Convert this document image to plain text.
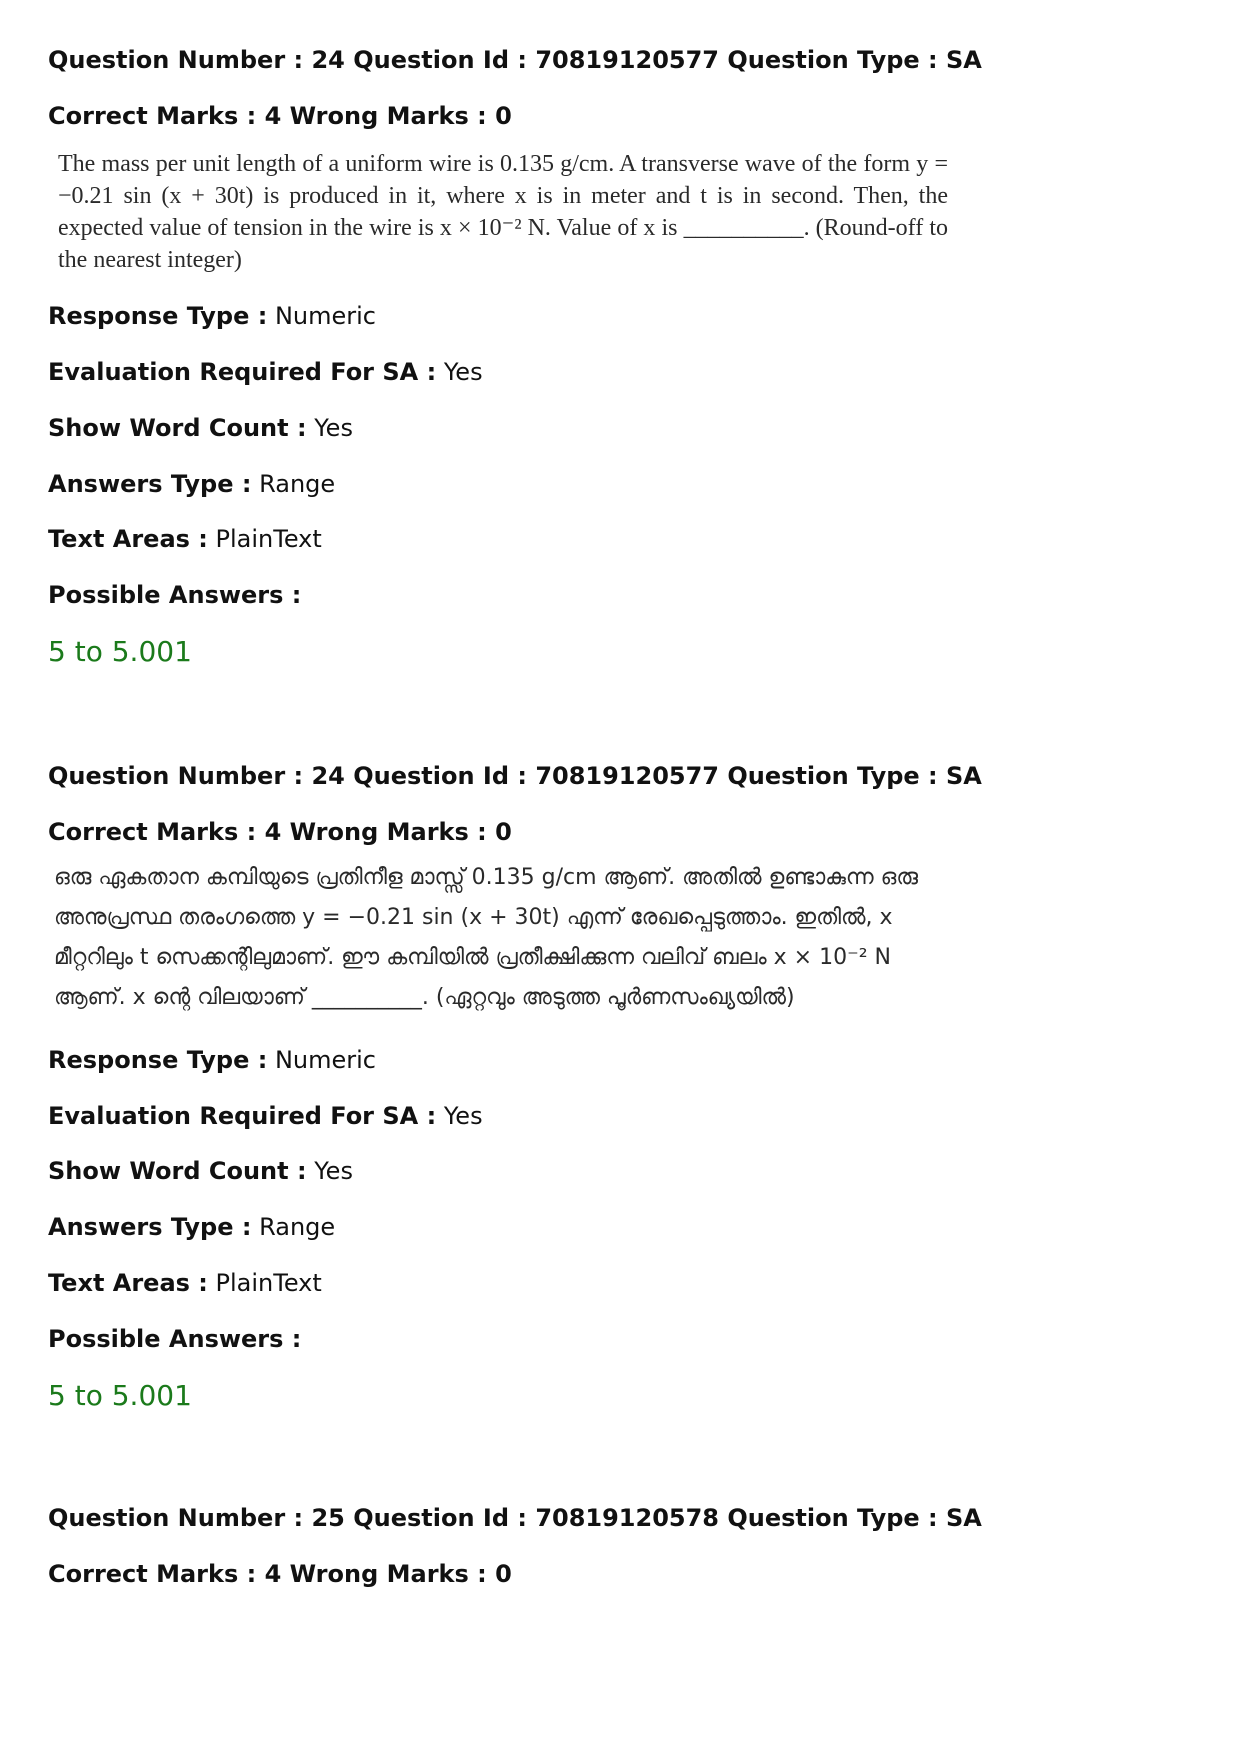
Question Number : 24 Question Id : 70819120577 Question Type : SA
Correct Marks : 4 Wrong Marks : 0
The mass per unit length of a uniform wire is 0.135 g/cm. A transverse wave of the form y = −0.21 sin (x + 30t) is produced in it, where x is in meter and t is in second. Then, the expected value of tension in the wire is x × 10⁻² N. Value of x is __________. (Round-off to the nearest integer)
Response Type : Numeric
Evaluation Required For SA : Yes
Show Word Count : Yes
Answers Type : Range
Text Areas : PlainText
Possible Answers :
5 to 5.001
Question Number : 24 Question Id : 70819120577 Question Type : SA
Correct Marks : 4 Wrong Marks : 0
ഒരു ഏകതാന കമ്പിയുടെ പ്രതിനീള മാസ്സ് 0.135 g/cm ആണ്. അതിൽ ഉണ്ടാകുന്ന ഒരു അനുപ്രസ്ഥ തരംഗത്തെ y = −0.21 sin (x + 30t) എന്ന് രേഖപ്പെടുത്താം. ഇതിൽ, x മീറ്ററിലും t സെക്കന്റിലുമാണ്. ഈ കമ്പിയിൽ പ്രതീക്ഷിക്കുന്ന വലിവ് ബലം x × 10⁻² N ആണ്. x ന്റെ വിലയാണ് __________. (ഏറ്റവും അടുത്ത പൂർണസംഖ്യയിൽ)
Response Type : Numeric
Evaluation Required For SA : Yes
Show Word Count : Yes
Answers Type : Range
Text Areas : PlainText
Possible Answers :
5 to 5.001
Question Number : 25 Question Id : 70819120578 Question Type : SA
Correct Marks : 4 Wrong Marks : 0
